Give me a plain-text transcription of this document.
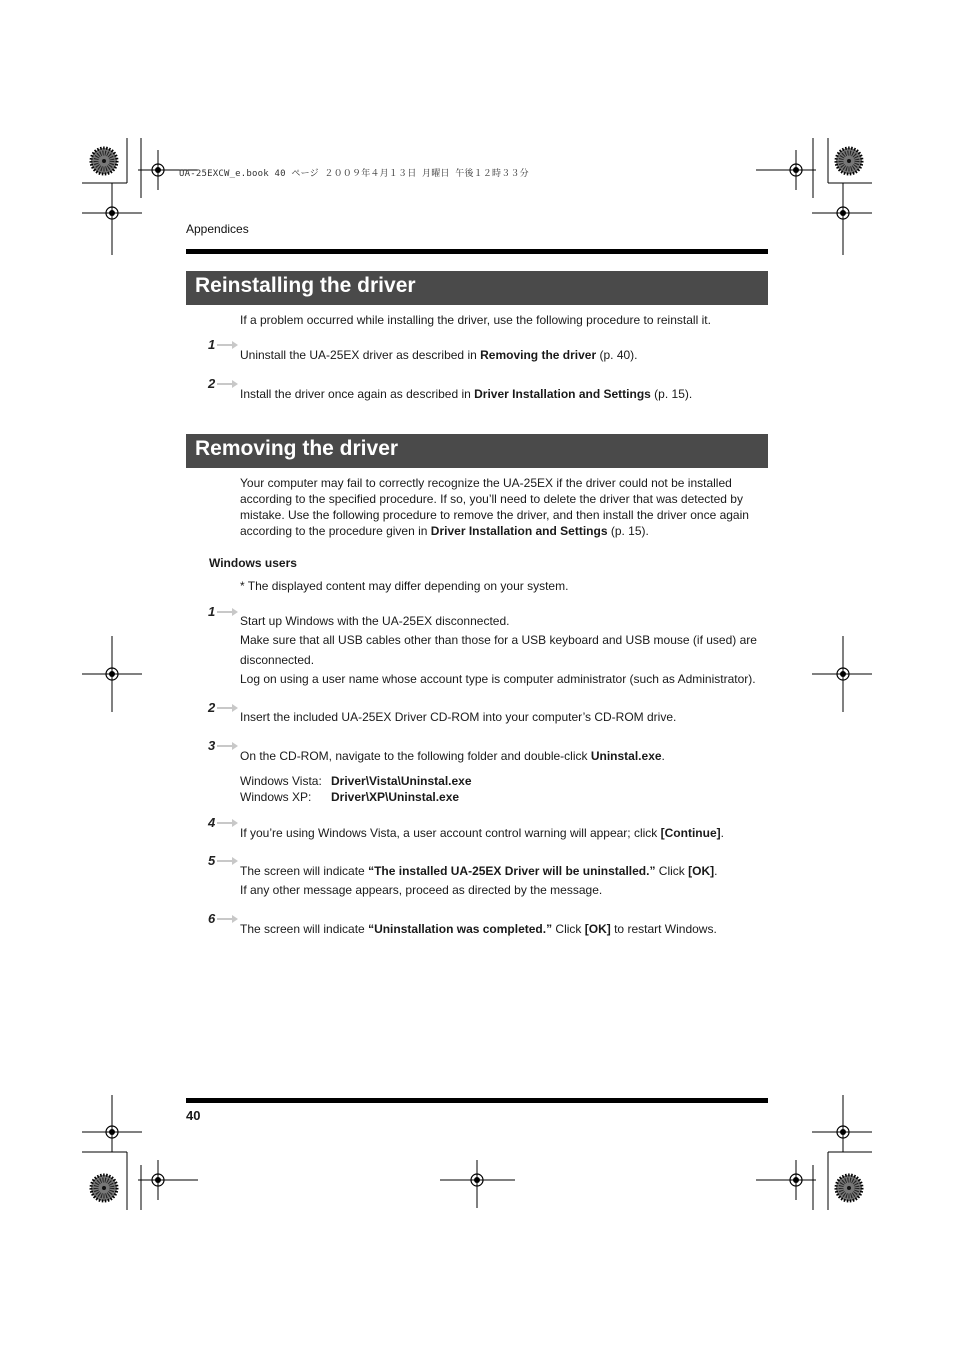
UA-25EXCW_e.book 40 ページ ２００９年４月１３日 月曜日 午後１２時３３分
Appendices
Reinstalling the driver
If a problem occurred while installing the driver, use the following procedure to reinstall it.
1
Uninstall the UA-25EX driver as described in Removing the driver (p. 40).
2
Install the driver once again as described in Driver Installation and Settings (p. 15).
Removing the driver
Your computer may fail to correctly recognize the UA-25EX if the driver could not be installed according to the specified procedure. If so, you’ll need to delete the driver that was detected by mistake. Use the following procedure to remove the driver, and then install the driver once again according to the procedure given in Driver Installation and Settings (p. 15).
Windows users
* The displayed content may differ depending on your system.
1
Start up Windows with the UA-25EX disconnected.
Make sure that all USB cables other than those for a USB keyboard and USB mouse (if used) are
disconnected.
Log on using a user name whose account type is computer administrator (such as Administrator).
2
Insert the included UA-25EX Driver CD-ROM into your computer’s CD-ROM drive.
3
On the CD-ROM, navigate to the following folder and double-click Uninstal.exe.
Windows Vista: Driver\Vista\Uninstal.exe
Windows XP: Driver\XP\Uninstal.exe
4
If you’re using Windows Vista, a user account control warning will appear; click [Continue].
5
The screen will indicate “The installed UA-25EX Driver will be uninstalled.” Click [OK].
If any other message appears, proceed as directed by the message.
6
The screen will indicate “Uninstallation was completed.” Click [OK] to restart Windows.
40
